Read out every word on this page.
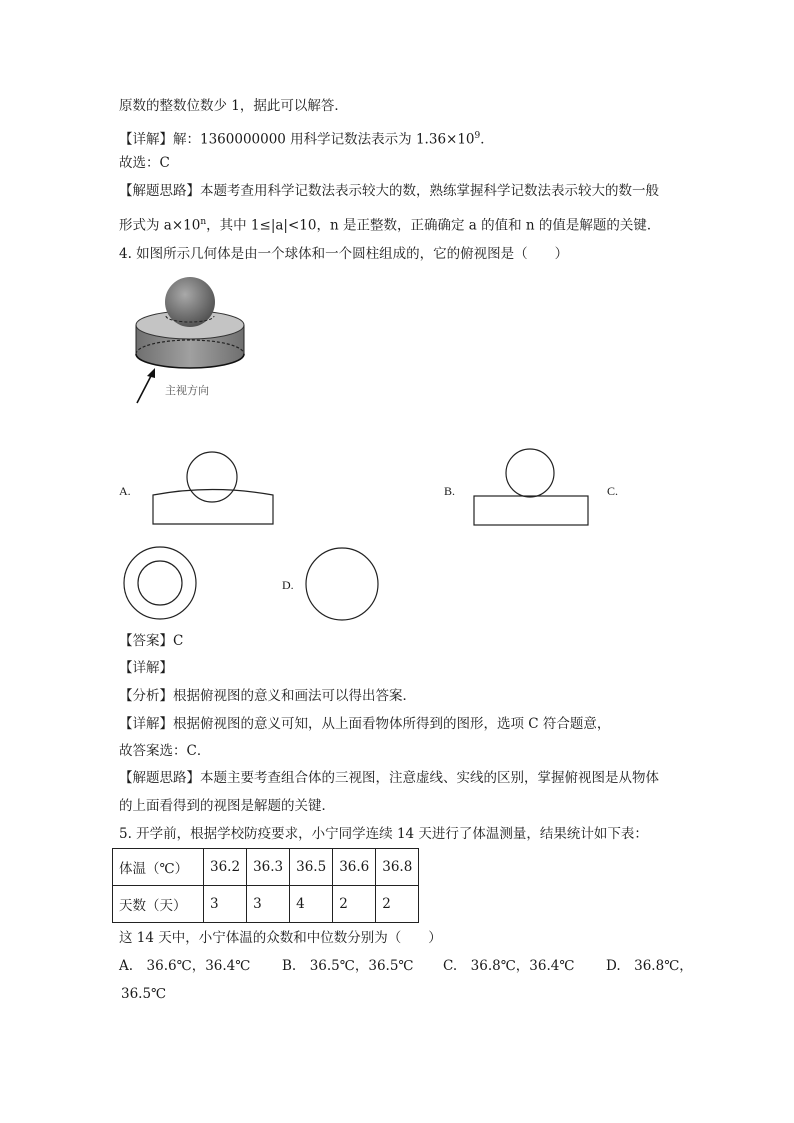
原数的整数位数少 1，据此可以解答．
【详解】解：1360000000 用科学记数法表示为 $1.36\times 10^9$．
故选：C
【解题思路】本题考查用科学记数法表示较大的数，熟练掌握科学记数法表示较大的数一般
形式为 $a\times 10^n$，其中 1≤|a|<10，n 是正整数，正确确定 a 的值和 n 的值是解题的关键．
4. 如图所示几何体是由一个球体和一个圆柱组成的，它的俯视图是（　　）
主视方向
A.	B.	C.
D.
【答案】C
【详解】
【分析】根据俯视图的意义和画法可以得出答案．
【详解】根据俯视图的意义可知，从上面看物体所得到的图形，选项 C 符合题意，
故答案选：C．
【解题思路】本题主要考查组合体的三视图，注意虚线、实线的区别，掌握俯视图是从物体
的上面看得到的视图是解题的关键．
5. 开学前，根据学校防疫要求，小宁同学连续 14 天进行了体温测量，结果统计如下表：
体温（℃）	36.2	36.3	36.5	36.6	36.8
天数（天）	3	3	4	2	2
这 14 天中，小宁体温的众数和中位数分别为（　　）
A.　36.6℃，36.4℃ B.　36.5℃，36.5℃ C.　36.8℃，36.4℃ D.　36.8℃，
36.5℃
